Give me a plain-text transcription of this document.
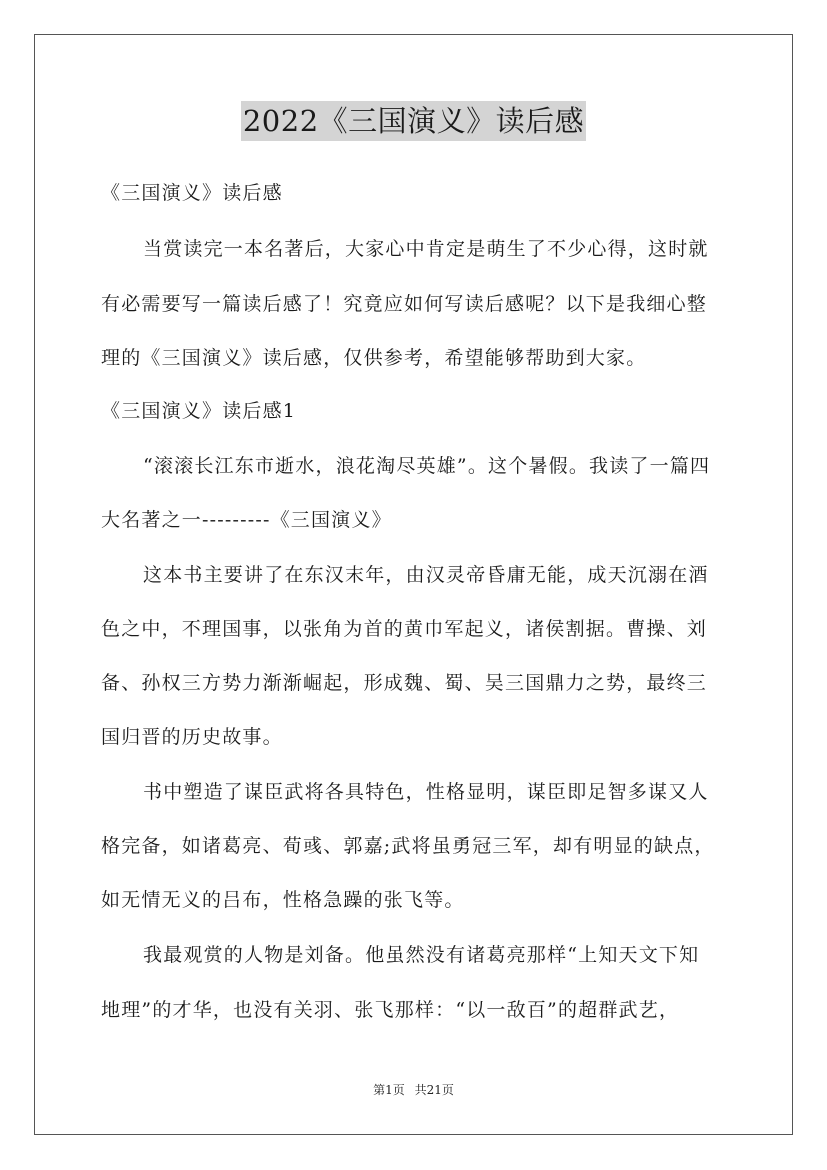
2022《三国演义》读后感
《三国演义》读后感
当赏读完一本名著后，大家心中肯定是萌生了不少心得，这时就
有必需要写一篇读后感了！究竟应如何写读后感呢？以下是我细心整
理的《三国演义》读后感，仅供参考，希望能够帮助到大家。
《三国演义》读后感1
“滚滚长江东市逝水，浪花淘尽英雄”。这个暑假。我读了一篇四
大名著之一---------《三国演义》
这本书主要讲了在东汉末年，由汉灵帝昏庸无能，成天沉溺在酒
色之中，不理国事，以张角为首的黄巾军起义，诸侯割据。曹操、刘
备、孙权三方势力渐渐崛起，形成魏、蜀、吴三国鼎力之势，最终三
国归晋的历史故事。
书中塑造了谋臣武将各具特色，性格显明，谋臣即足智多谋又人
格完备，如诸葛亮、荀彧、郭嘉;武将虽勇冠三军，却有明显的缺点，
如无情无义的吕布，性格急躁的张飞等。
我最观赏的人物是刘备。他虽然没有诸葛亮那样“上知天文下知
地理”的才华，也没有关羽、张飞那样：“以一敌百”的超群武艺，
第1页 共21页
